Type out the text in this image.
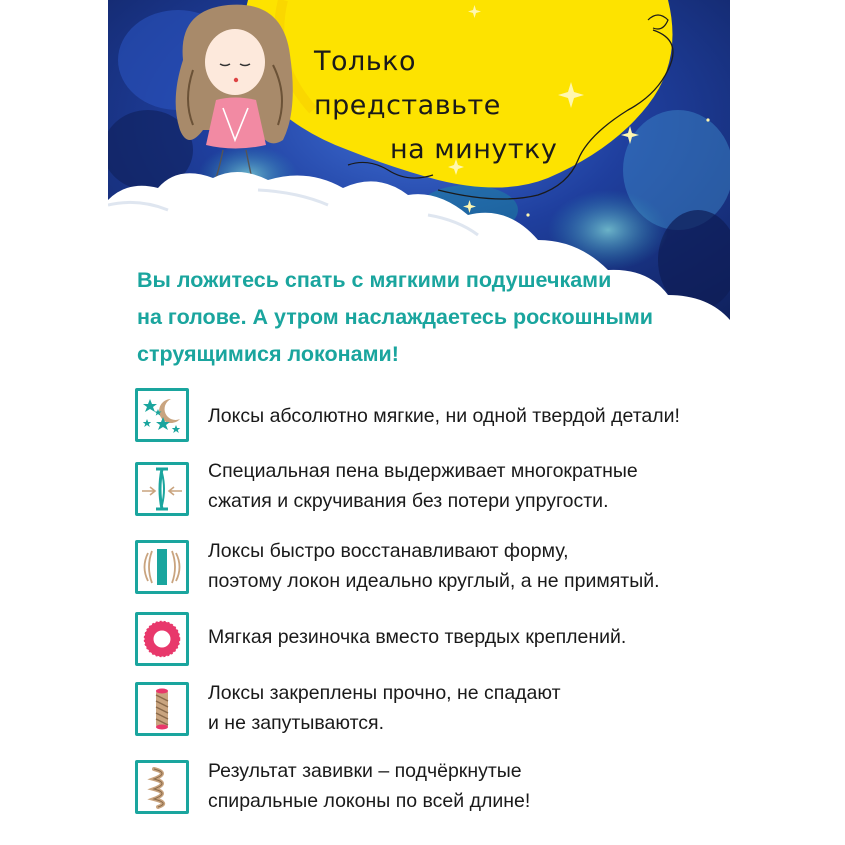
Только представьте
на минутку
Вы ложитесь спать с мягкими подушечками
на голове. А утром наслаждаетесь роскошными
струящимися локонами!
Локсы абсолютно мягкие, ни одной твердой детали!
Специальная пена выдерживает многократные
сжатия и скручивания без потери упругости.
Локсы быстро восстанавливают форму,
поэтому локон идеально круглый, а не примятый.
Мягкая резиночка вместо твердых креплений.
Локсы закреплены прочно, не спадают
и не запутываются.
Результат завивки – подчёркнутые
спиральные локоны по всей длине!
